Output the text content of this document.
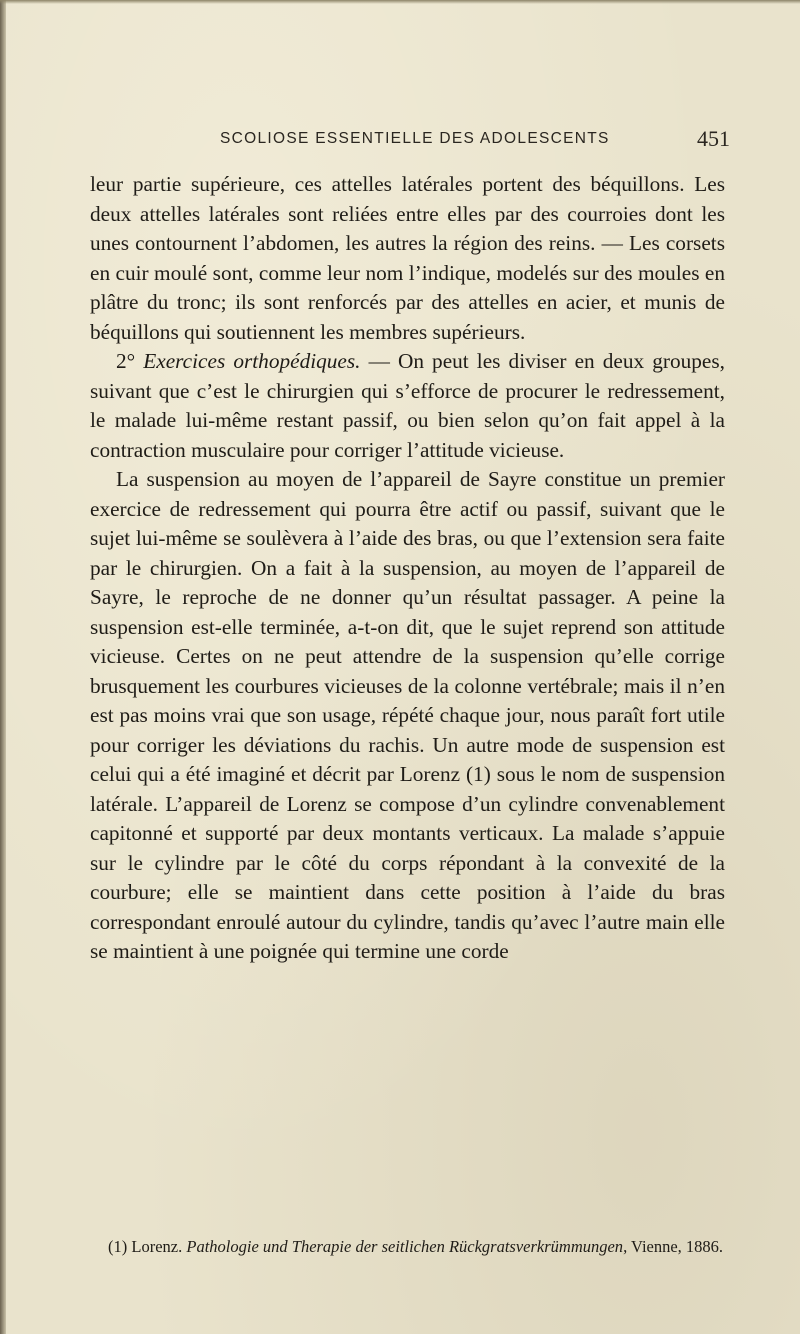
SCOLIOSE ESSENTIELLE DES ADOLESCENTS	451

leur partie supérieure, ces attelles latérales portent des béquillons. Les deux attelles latérales sont reliées entre elles par des courroies dont les unes contournent l’abdomen, les autres la région des reins. — Les corsets en cuir moulé sont, comme leur nom l’indique, modelés sur des moules en plâtre du tronc; ils sont renforcés par des attelles en acier, et munis de béquillons qui soutiennent les membres supérieurs.

2° Exercices orthopédiques. — On peut les diviser en deux groupes, suivant que c’est le chirurgien qui s’efforce de procurer le redressement, le malade lui-même restant passif, ou bien selon qu’on fait appel à la contraction musculaire pour corriger l’attitude vicieuse.

La suspension au moyen de l’appareil de Sayre constitue un premier exercice de redressement qui pourra être actif ou passif, suivant que le sujet lui-même se soulèvera à l’aide des bras, ou que l’extension sera faite par le chirurgien. On a fait à la suspension, au moyen de l’appareil de Sayre, le reproche de ne donner qu’un résultat passager. A peine la suspension est-elle terminée, a-t-on dit, que le sujet reprend son attitude vicieuse. Certes on ne peut attendre de la suspension qu’elle corrige brusquement les courbures vicieuses de la colonne vertébrale; mais il n’en est pas moins vrai que son usage, répété chaque jour, nous paraît fort utile pour corriger les déviations du rachis. Un autre mode de suspension est celui qui a été imaginé et décrit par Lorenz (1) sous le nom de suspension latérale. L’appareil de Lorenz se compose d’un cylindre convenablement capitonné et supporté par deux montants verticaux. La malade s’appuie sur le cylindre par le côté du corps répondant à la convexité de la courbure; elle se maintient dans cette position à l’aide du bras correspondant enroulé autour du cylindre, tandis qu’avec l’autre main elle se maintient à une poignée qui termine une corde

(1) Lorenz. Pathologie und Therapie der seitlichen Rückgratsverkrümmungen, Vienne, 1886.
